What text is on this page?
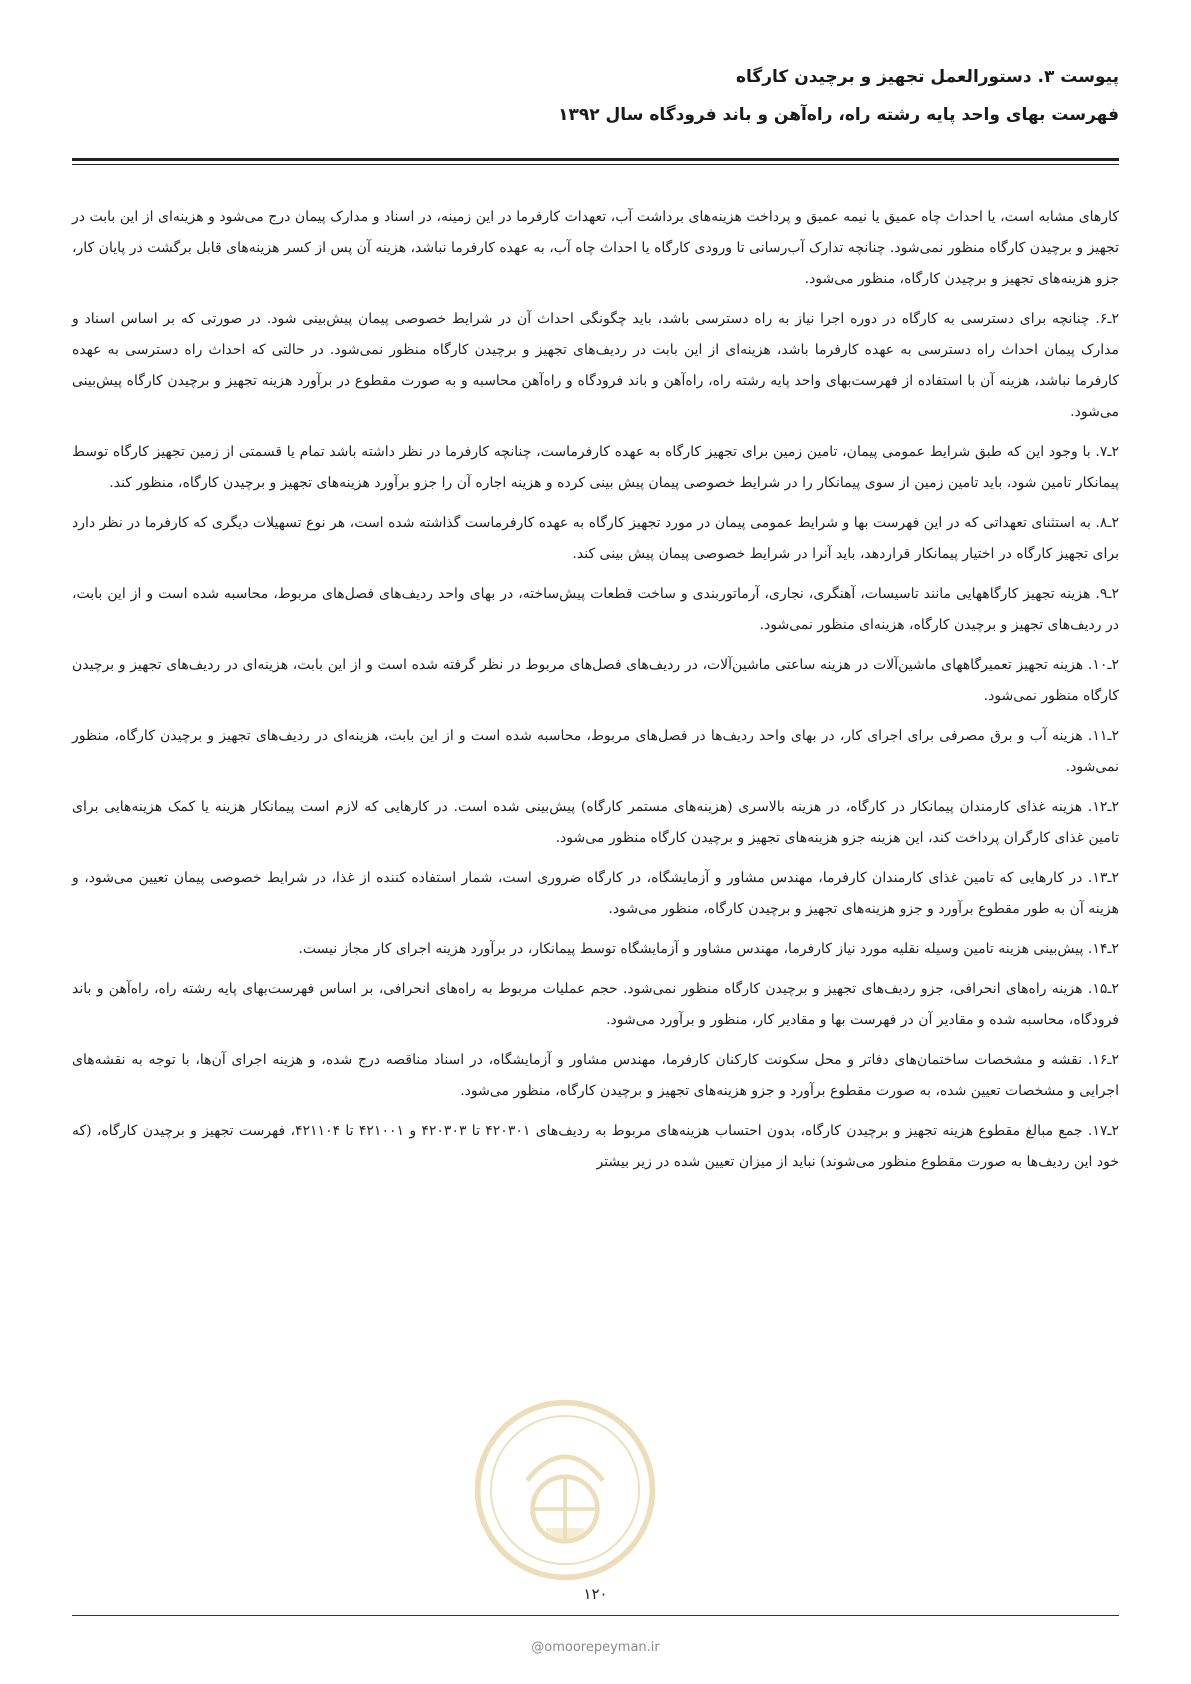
پیوست ۳. دستورالعمل تجهیز و برچیدن کارگاه
فهرست بهای واحد پایه رشته راه، راه‌آهن و باند فرودگاه سال ۱۳۹۲

کارهای مشابه است، یا احداث چاه عمیق یا نیمه عمیق و پرداخت هزینه‌های برداشت آب، تعهدات کارفرما در این زمینه، در اسناد و مدارک پیمان درج می‌شود و هزینه‌ای از این بابت در تجهیز و برچیدن کارگاه منظور نمی‌شود. چنانچه تدارک آب‌رسانی تا ورودی کارگاه یا احداث چاه آب، به عهده کارفرما نباشد، هزینه آن پس از کسر هزینه‌های قابل برگشت در پایان کار، جزو هزینه‌های تجهیز و برچیدن کارگاه، منظور می‌شود.

۲ـ۶. چنانچه برای دسترسی به کارگاه در دوره اجرا نیاز به راه دسترسی باشد، باید چگونگی احداث آن در شرایط خصوصی پیمان پیش‌بینی شود. در صورتی که بر اساس اسناد و مدارک پیمان احداث راه دسترسی به عهده کارفرما باشد، هزینه‌ای از این بابت در ردیف‌های تجهیز و برچیدن کارگاه منظور نمی‌شود. در حالتی که احداث راه دسترسی به عهده کارفرما نباشد، هزینه آن با استفاده از فهرست‌بهای واحد پایه رشته راه، راه‌آهن و باند فرودگاه و راه‌آهن محاسبه و به صورت مقطوع در برآورد هزینه تجهیز و برچیدن کارگاه پیش‌بینی می‌شود.

۲ـ۷. با وجود این که طبق شرایط عمومی پیمان، تامین زمین برای تجهیز کارگاه به عهده کارفرماست، چنانچه کارفرما در نظر داشته باشد تمام یا قسمتی از زمین تجهیز کارگاه توسط پیمانکار تامین شود، باید تامین زمین از سوی پیمانکار را در شرایط خصوصی پیمان پیش بینی کرده و هزینه اجاره آن را جزو برآورد هزینه‌های تجهیز و برچیدن کارگاه، منظور کند.

۲ـ۸. به استثنای تعهداتی که در این فهرست بها و شرایط عمومی پیمان در مورد تجهیز کارگاه به عهده کارفرماست گذاشته شده است، هر نوع تسهیلات دیگری که کارفرما در نظر دارد برای تجهیز کارگاه در اختیار پیمانکار قراردهد، باید آنرا در شرایط خصوصی پیمان پیش بینی کند.

۲ـ۹. هزینه تجهیز کارگاههایی مانند تاسیسات، آهنگری، نجاری، آرماتوربندی و ساخت قطعات پیش‌ساخته، در بهای واحد ردیف‌های فصل‌های مربوط، محاسبه شده است و از این بابت، در ردیف‌های تجهیز و برچیدن کارگاه، هزینه‌ای منظور نمی‌شود.

۲ـ۱۰. هزینه تجهیز تعمیرگاههای ماشین‌آلات در هزینه ساعتی ماشین‌آلات، در ردیف‌های فصل‌های مربوط در نظر گرفته شده است و از این بابت، هزینه‌ای در ردیف‌های تجهیز و برچیدن کارگاه منظور نمی‌شود.

۲ـ۱۱. هزینه آب و برق مصرفی برای اجرای کار، در بهای واحد ردیف‌ها در فصل‌های مربوط، محاسبه شده است و از این بابت، هزینه‌ای در ردیف‌های تجهیز و برچیدن کارگاه، منظور نمی‌شود.

۲ـ۱۲. هزینه غذای کارمندان پیمانکار در کارگاه، در هزینه بالاسری (هزینه‌های مستمر کارگاه) پیش‌بینی شده است. در کارهایی که لازم است پیمانکار هزینه یا کمک هزینه‌هایی برای تامین غذای کارگران پرداخت کند، این هزینه جزو هزینه‌های تجهیز و برچیدن کارگاه منظور می‌شود.

۲ـ۱۳. در کارهایی که تامین غذای کارمندان کارفرما، مهندس مشاور و آزمایشگاه، در کارگاه ضروری است، شمار استفاده کننده از غذا، در شرایط خصوصی پیمان تعیین می‌شود، و هزینه آن به طور مقطوع برآورد و جزو هزینه‌های تجهیز و برچیدن کارگاه، منظور می‌شود.

۲ـ۱۴. پیش‌بینی هزینه تامین وسیله نقلیه مورد نیاز کارفرما، مهندس مشاور و آزمایشگاه توسط پیمانکار، در برآورد هزینه اجرای کار مجاز نیست.

۲ـ۱۵. هزینه راه‌های انحرافی، جزو ردیف‌های تجهیز و برچیدن کارگاه منظور نمی‌شود. حجم عملیات مربوط به راه‌های انحرافی، بر اساس فهرست‌بهای پایه رشته راه، راه‌آهن و باند فرودگاه، محاسبه شده و مقادیر آن در فهرست بها و مقادیر کار، منظور و برآورد می‌شود.

۲ـ۱۶. نقشه و مشخصات ساختمان‌های دفاتر و محل سکونت کارکنان کارفرما، مهندس مشاور و آزمایشگاه، در اسناد مناقصه درج شده، و هزینه اجرای آن‌ها، با توجه به نقشه‌های اجرایی و مشخصات تعیین شده، به صورت مقطوع برآورد و جزو هزینه‌های تجهیز و برچیدن کارگاه، منظور می‌شود.

۲ـ۱۷. جمع مبالغ مقطوع هزینه تجهیز و برچیدن کارگاه، بدون احتساب هزینه‌های مربوط به ردیف‌های ۴۲۰۳۰۱ تا ۴۲۰۳۰۳ و ۴۲۱۰۰۱ تا ۴۲۱۱۰۴، فهرست تجهیز و برچیدن کارگاه، (که خود این ردیف‌ها به صورت مقطوع منظور می‌شوند) نباید از میزان تعیین شده در زیر بیشتر

۱۲۰
@omoorepeyman.ir
